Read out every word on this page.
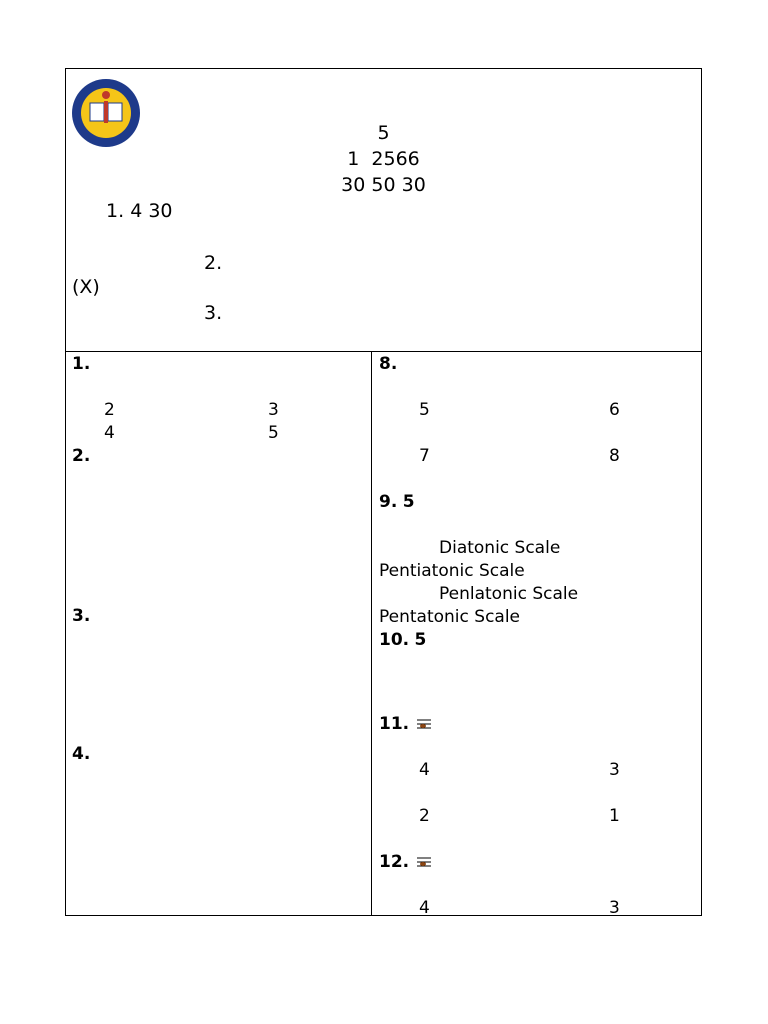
5
1 2566
30 50 30
1. 4 30
2.
(X)
3.
1.
2	3
4	5
2.
3.
4.
8.
5	6
7	8
9. 5
Diatonic Scale
Pentiatonic Scale
Penlatonic Scale
Pentatonic Scale
10. 5
11.
4	3
2	1
12.
4	3
